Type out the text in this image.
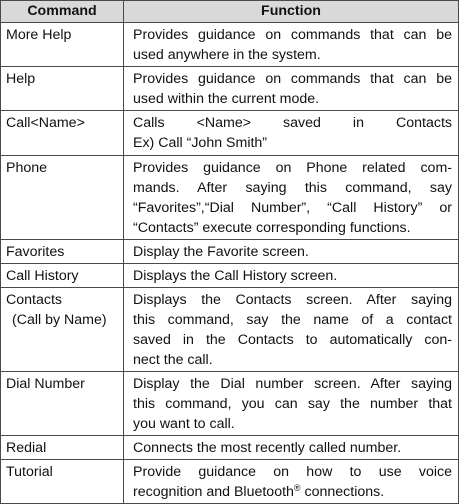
Command	Function

More Help	Provides guidance on commands that can be
used anywhere in the system.

Help	Provides guidance on commands that can be
used within the current mode.

Call<Name>	Calls <Name> saved in Contacts
Ex) Call “John Smith”

Phone	Provides guidance on Phone related com-
mands. After saying this command, say
“Favorites”,“Dial Number”, “Call History” or
“Contacts” execute corresponding functions.

Favorites	Display the Favorite screen.

Call History	Displays the Call History screen.

Contacts
(Call by Name)	Displays the Contacts screen. After saying
this command, say the name of a contact
saved in the Contacts to automatically con-
nect the call.

Dial Number	Display the Dial number screen. After saying
this command, you can say the number that
you want to call.

Redial	Connects the most recently called number.

Tutorial	Provide guidance on how to use voice
recognition and Bluetooth® connections.
